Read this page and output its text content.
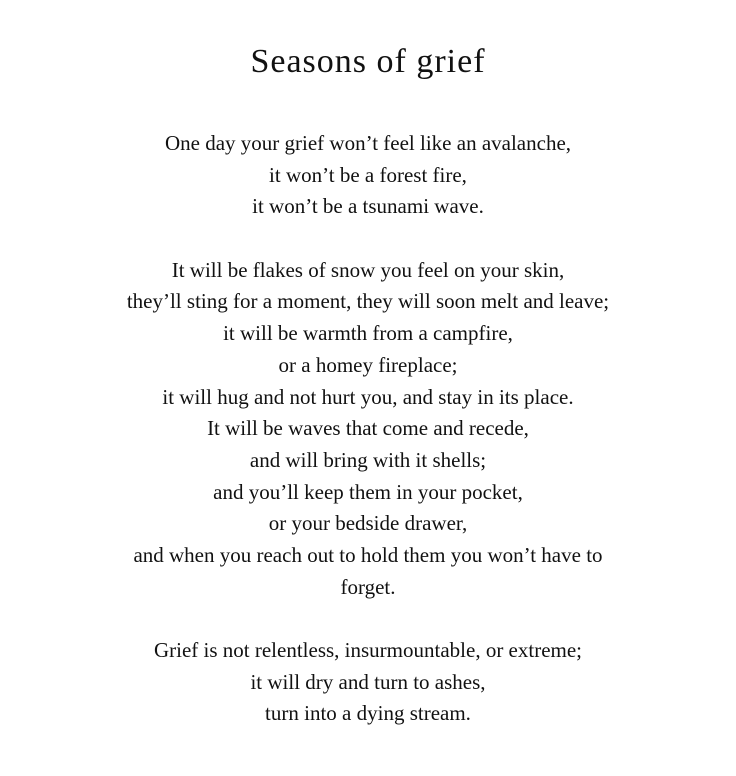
Seasons of grief
One day your grief won’t feel like an avalanche,
it won’t be a forest fire,
it won’t be a tsunami wave.
It will be flakes of snow you feel on your skin,
they’ll sting for a moment, they will soon melt and leave;
it will be warmth from a campfire,
or a homey fireplace;
it will hug and not hurt you, and stay in its place.
It will be waves that come and recede,
and will bring with it shells;
and you’ll keep them in your pocket,
or your bedside drawer,
and when you reach out to hold them you won’t have to
forget.
Grief is not relentless, insurmountable, or extreme;
it will dry and turn to ashes,
turn into a dying stream.
